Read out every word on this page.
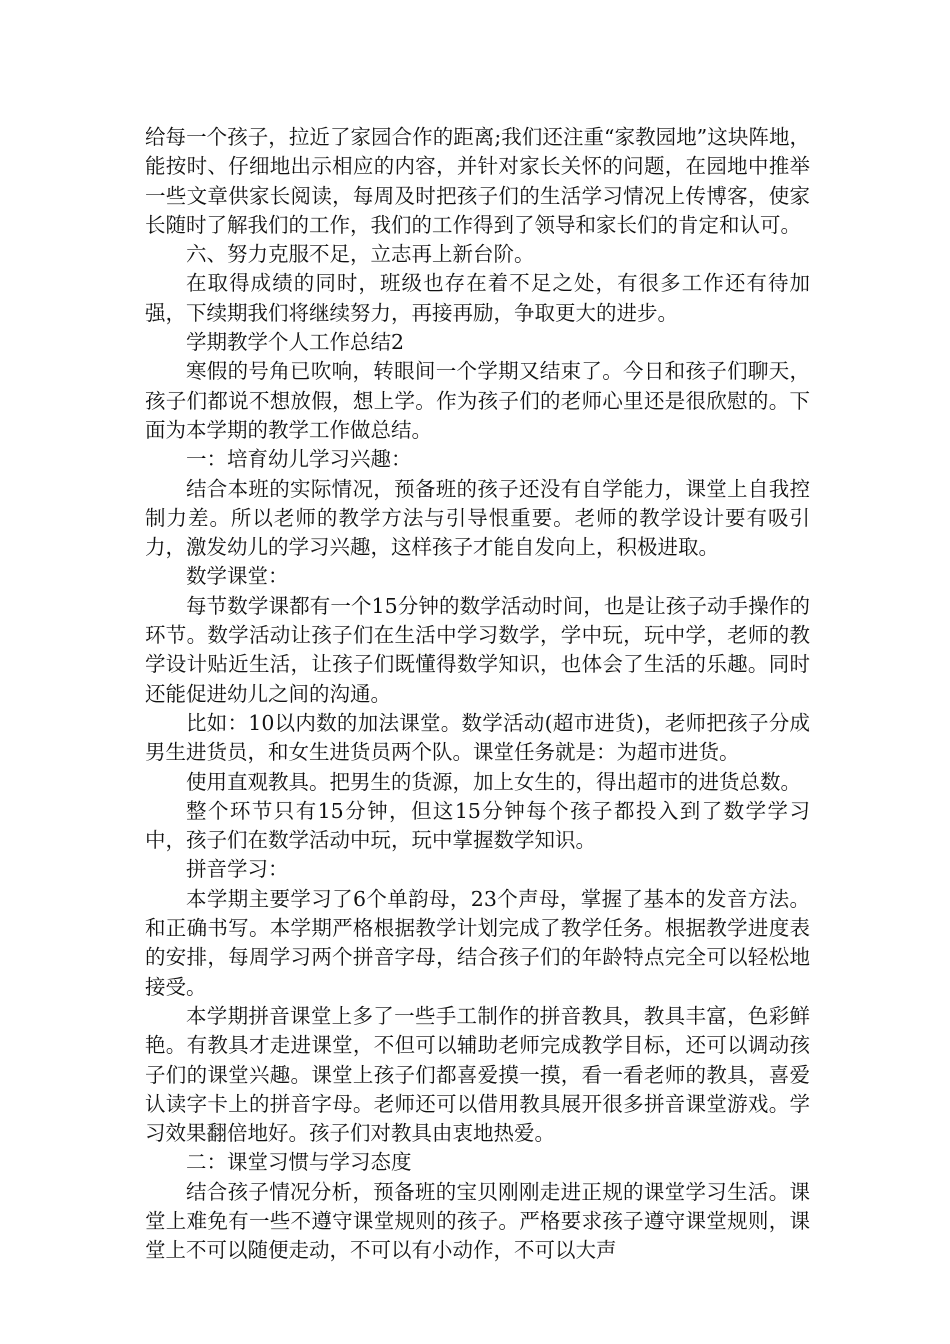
给每一个孩子，拉近了家园合作的距离;我们还注重“家教园地”这块阵地，能按时、仔细地出示相应的内容，并针对家长关怀的问题，在园地中推举一些文章供家长阅读，每周及时把孩子们的生活学习情况上传博客，使家长随时了解我们的工作，我们的工作得到了领导和家长们的肯定和认可。

六、努力克服不足，立志再上新台阶。

在取得成绩的同时，班级也存在着不足之处，有很多工作还有待加强，下续期我们将继续努力，再接再励，争取更大的进步。

学期教学个人工作总结2

寒假的号角已吹响，转眼间一个学期又结束了。今日和孩子们聊天，孩子们都说不想放假，想上学。作为孩子们的老师心里还是很欣慰的。下面为本学期的教学工作做总结。

一：培育幼儿学习兴趣：

结合本班的实际情况，预备班的孩子还没有自学能力，课堂上自我控制力差。所以老师的教学方法与引导恨重要。老师的教学设计要有吸引力，激发幼儿的学习兴趣，这样孩子才能自发向上，积极进取。

数学课堂：

每节数学课都有一个15分钟的数学活动时间，也是让孩子动手操作的环节。数学活动让孩子们在生活中学习数学，学中玩，玩中学，老师的教学设计贴近生活，让孩子们既懂得数学知识，也体会了生活的乐趣。同时还能促进幼儿之间的沟通。

比如：10以内数的加法课堂。数学活动(超市进货)，老师把孩子分成男生进货员，和女生进货员两个队。课堂任务就是：为超市进货。

使用直观教具。把男生的货源，加上女生的，得出超市的进货总数。

整个环节只有15分钟，但这15分钟每个孩子都投入到了数学学习中，孩子们在数学活动中玩，玩中掌握数学知识。

拼音学习：

本学期主要学习了6个单韵母，23个声母，掌握了基本的发音方法。和正确书写。本学期严格根据教学计划完成了教学任务。根据教学进度表的安排，每周学习两个拼音字母，结合孩子们的年龄特点完全可以轻松地接受。

本学期拼音课堂上多了一些手工制作的拼音教具，教具丰富，色彩鲜艳。有教具才走进课堂，不但可以辅助老师完成教学目标，还可以调动孩子们的课堂兴趣。课堂上孩子们都喜爱摸一摸，看一看老师的教具，喜爱认读字卡上的拼音字母。老师还可以借用教具展开很多拼音课堂游戏。学习效果翻倍地好。孩子们对教具由衷地热爱。

二：课堂习惯与学习态度

结合孩子情况分析，预备班的宝贝刚刚走进正规的课堂学习生活。课堂上难免有一些不遵守课堂规则的孩子。严格要求孩子遵守课堂规则，课堂上不可以随便走动，不可以有小动作，不可以大声
